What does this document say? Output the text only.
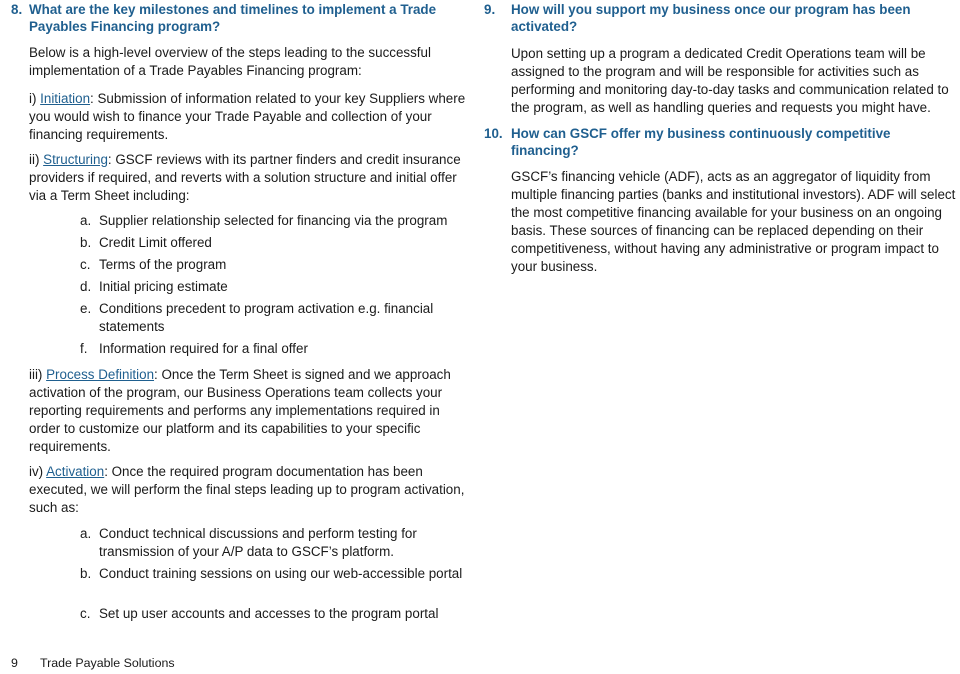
8. What are the key milestones and timelines to implement a Trade Payables Financing program?

Below is a high-level overview of the steps leading to the successful implementation of a Trade Payables Financing program:

i) Initiation: Submission of information related to your key Suppliers where you would wish to finance your Trade Payable and collection of your financing requirements.

ii) Structuring: GSCF reviews with its partner finders and credit insurance providers if required, and reverts with a solution structure and initial offer via a Term Sheet including:

a. Supplier relationship selected for financing via the program
b. Credit Limit offered
c. Terms of the program
d. Initial pricing estimate
e. Conditions precedent to program activation e.g. financial statements
f. Information required for a final offer

iii) Process Definition: Once the Term Sheet is signed and we approach activation of the program, our Business Operations team collects your reporting requirements and performs any implementations required in order to customize our platform and its capabilities to your specific requirements.

iv) Activation: Once the required program documentation has been executed, we will perform the final steps leading up to program activation, such as:

a. Conduct technical discussions and perform testing for transmission of your A/P data to GSCF’s platform.
b. Conduct training sessions on using our web-accessible portal
c. Set up user accounts and accesses to the program portal
9. How will you support my business once our program has been activated?

Upon setting up a program a dedicated Credit Operations team will be assigned to the program and will be responsible for activities such as performing and monitoring day-to-day tasks and communication related to the program, as well as handling queries and requests you might have.

10. How can GSCF offer my business continuously competitive financing?

GSCF’s financing vehicle (ADF), acts as an aggregator of liquidity from multiple financing parties (banks and institutional investors). ADF will select the most competitive financing available for your business on an ongoing basis. These sources of financing can be replaced depending on their competitiveness, without having any administrative or program impact to your business.

9 Trade Payable Solutions
